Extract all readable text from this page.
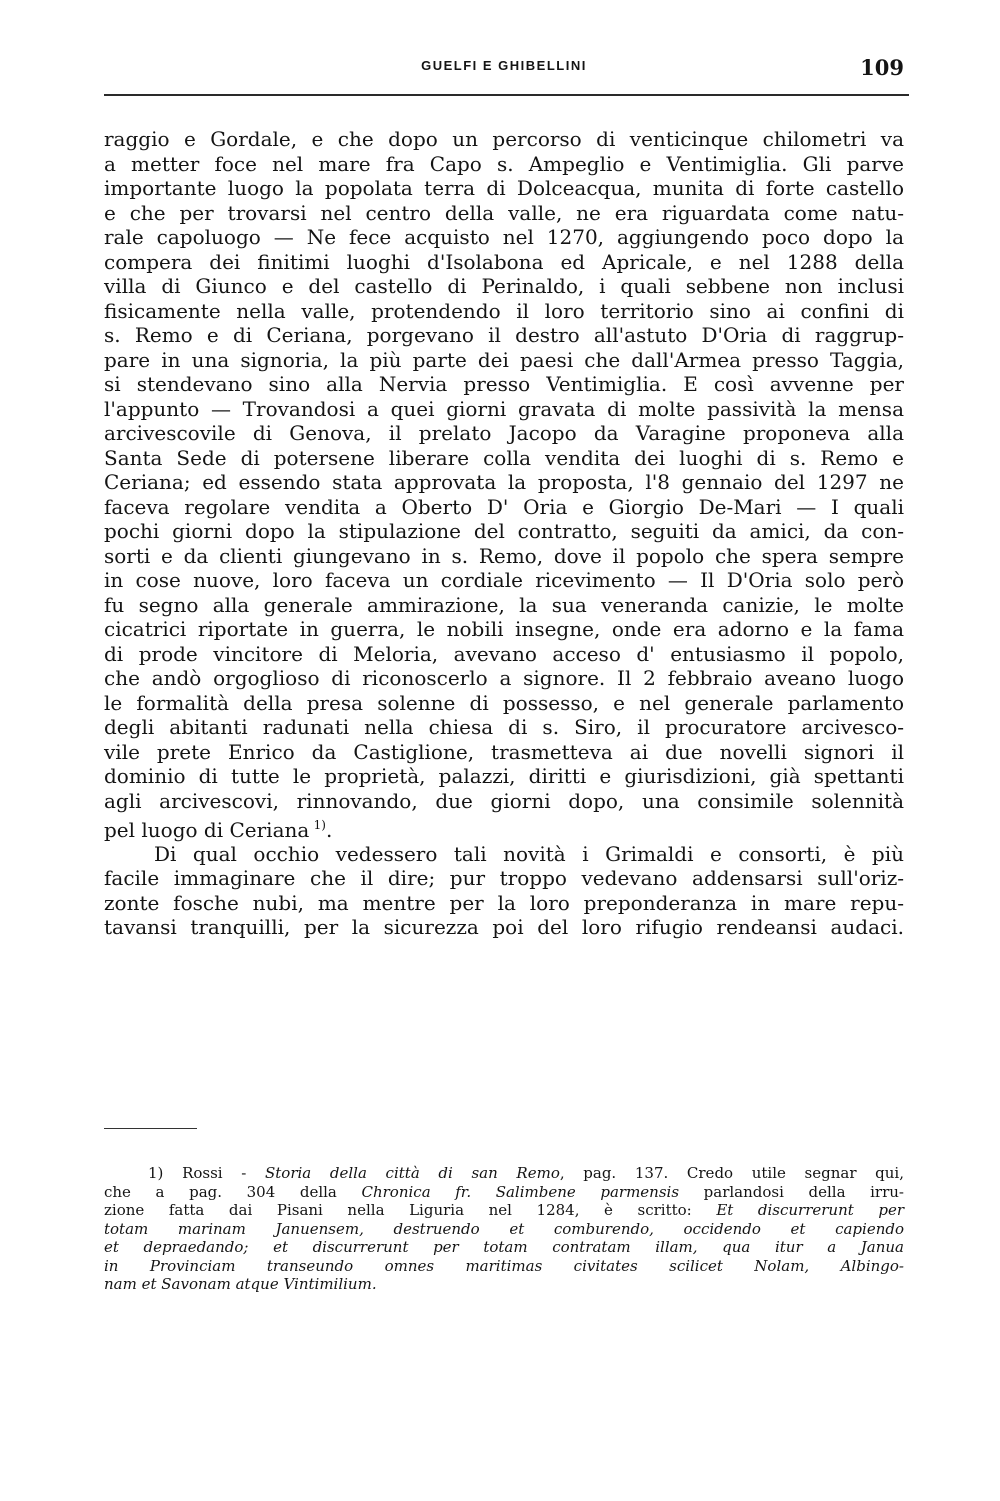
GUELFI E GHIBELLINI	109
raggio e Gordale, e che dopo un percorso di venticinque chilometri va
a metter foce nel mare fra Capo s. Ampeglio e Ventimiglia. Gli parve
importante luogo la popolata terra di Dolceacqua, munita di forte castello
e che per trovarsi nel centro della valle, ne era riguardata come natu-
rale capoluogo — Ne fece acquisto nel 1270, aggiungendo poco dopo la
compera dei finitimi luoghi d'Isolabona ed Apricale, e nel 1288 della
villa di Giunco e del castello di Perinaldo, i quali sebbene non inclusi
fisicamente nella valle, protendendo il loro territorio sino ai confini di
s. Remo e di Ceriana, porgevano il destro all'astuto D'Oria di raggrup-
pare in una signoria, la più parte dei paesi che dall'Armea presso Taggia,
si stendevano sino alla Nervia presso Ventimiglia. E così avvenne per
l'appunto — Trovandosi a quei giorni gravata di molte passività la mensa
arcivescovile di Genova, il prelato Jacopo da Varagine proponeva alla
Santa Sede di potersene liberare colla vendita dei luoghi di s. Remo e
Ceriana; ed essendo stata approvata la proposta, l'8 gennaio del 1297 ne
faceva regolare vendita a Oberto D' Oria e Giorgio De-Mari — I quali
pochi giorni dopo la stipulazione del contratto, seguiti da amici, da con-
sorti e da clienti giungevano in s. Remo, dove il popolo che spera sempre
in cose nuove, loro faceva un cordiale ricevimento — Il D'Oria solo però
fu segno alla generale ammirazione, la sua veneranda canizie, le molte
cicatrici riportate in guerra, le nobili insegne, onde era adorno e la fama
di prode vincitore di Meloria, avevano acceso d' entusiasmo il popolo,
che andò orgoglioso di riconoscerlo a signore. Il 2 febbraio aveano luogo
le formalità della presa solenne di possesso, e nel generale parlamento
degli abitanti radunati nella chiesa di s. Siro, il procuratore arcivesco-
vile prete Enrico da Castiglione, trasmetteva ai due novelli signori il
dominio di tutte le proprietà, palazzi, diritti e giurisdizioni, già spettanti
agli arcivescovi, rinnovando, due giorni dopo, una consimile solennità
pel luogo di Ceriana $^{1)}$.
Di qual occhio vedessero tali novità i Grimaldi e consorti, è più
facile immaginare che il dire; pur troppo vedevano addensarsi sull'oriz-
zonte fosche nubi, ma mentre per la loro preponderanza in mare repu-
tavansi tranquilli, per la sicurezza poi del loro rifugio rendeansi audaci.
1) Rossi - Storia della città di san Remo, pag. 137. Credo utile segnar qui,
che a pag. 304 della Chronica fr. Salimbene parmensis parlandosi della irru-
zione fatta dai Pisani nella Liguria nel 1284, è scritto: Et discurrerunt per
totam marinam Januensem, destruendo et comburendo, occidendo et capiendo
et depraedando; et discurrerunt per totam contratam illam, qua itur a Janua
in Provinciam transeundo omnes maritimas civitates scilicet Nolam, Albingo-
nam et Savonam atque Vintimilium.
